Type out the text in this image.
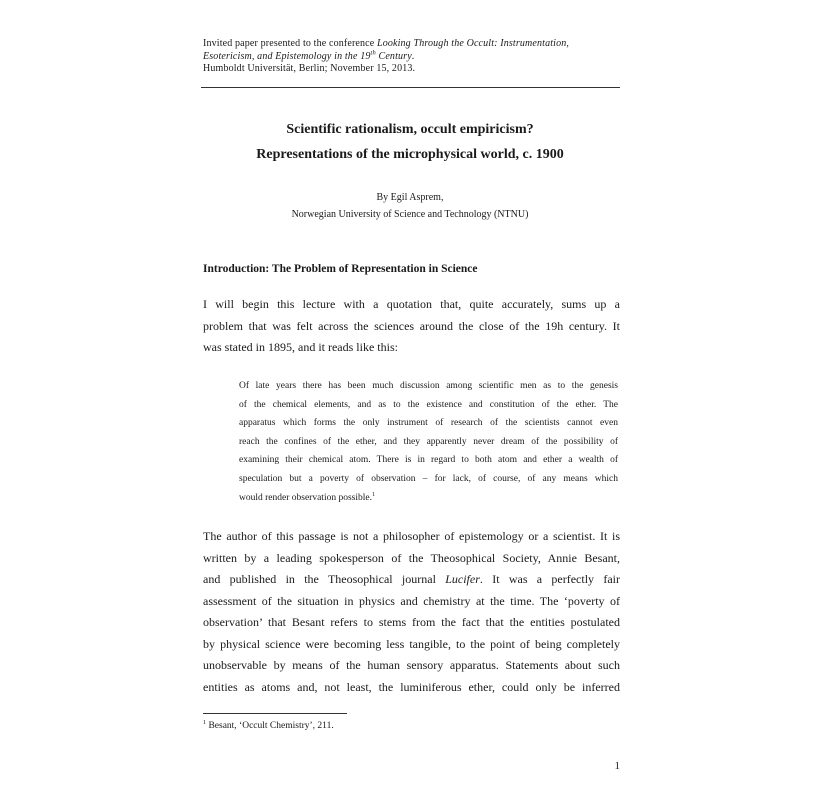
Invited paper presented to the conference Looking Through the Occult: Instrumentation,
Esotericism, and Epistemology in the 19th Century.
Humboldt Universität, Berlin; November 15, 2013.
Scientific rationalism, occult empiricism?
Representations of the microphysical world, c. 1900
By Egil Asprem,
Norwegian University of Science and Technology (NTNU)
Introduction: The Problem of Representation in Science
I will begin this lecture with a quotation that, quite accurately, sums up a
problem that was felt across the sciences around the close of the 19h century. It
was stated in 1895, and it reads like this:
Of late years there has been much discussion among scientific men as to the genesis
of the chemical elements, and as to the existence and constitution of the ether. The
apparatus which forms the only instrument of research of the scientists cannot even
reach the confines of the ether, and they apparently never dream of the possibility of
examining their chemical atom. There is in regard to both atom and ether a wealth of
speculation but a poverty of observation – for lack, of course, of any means which
would render observation possible.$^1$
The author of this passage is not a philosopher of epistemology or a scientist. It is
written by a leading spokesperson of the Theosophical Society, Annie Besant,
and published in the Theosophical journal Lucifer. It was a perfectly fair
assessment of the situation in physics and chemistry at the time. The ‘poverty of
observation’ that Besant refers to stems from the fact that the entities postulated
by physical science were becoming less tangible, to the point of being completely
unobservable by means of the human sensory apparatus. Statements about such
entities as atoms and, not least, the luminiferous ether, could only be inferred
$^1$ Besant, ‘Occult Chemistry’, 211.
1
